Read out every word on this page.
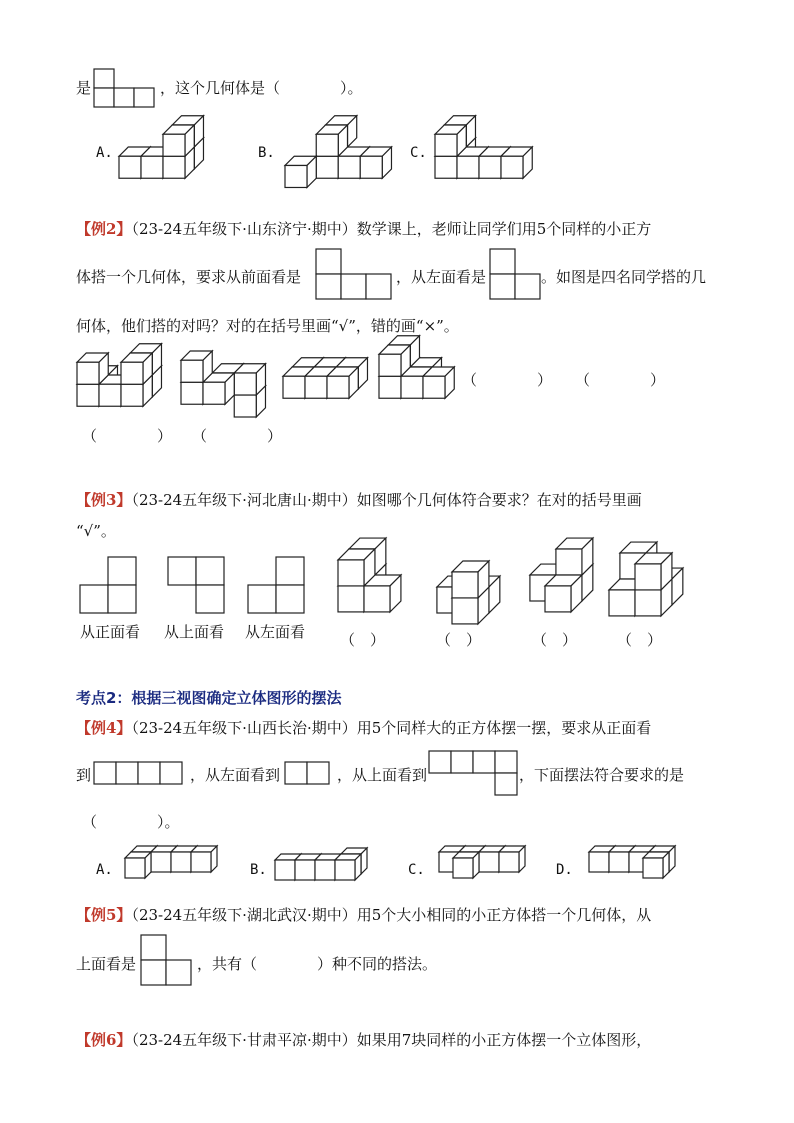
是	，这个几何体是（　　　　）。
A.	B.	C.
【例2】（23-24五年级下·山东济宁·期中）数学课上，老师让同学们用5个同样的小正方
体搭一个几何体，要求从前面看是	，从左面看是	。如图是四名同学搭的几
何体，他们搭的对吗？对的在括号里画“√”，错的画“×”。
（　　　　） （　　　　）
（　　　　） （　　　　）
【例3】（23-24五年级下·河北唐山·期中）如图哪个几何体符合要求？在对的括号里画
“√”。
从正面看 从上面看 从左面看 （　）	（　）	（　）	（　）
考点2：根据三视图确定立体图形的摆法
【例4】（23-24五年级下·山西长治·期中）用5个同样大的正方体摆一摆，要求从正面看
到	，从左面看到	，从上面看到	，下面摆法符合要求的是
（　　　　）。
A.	B.	C.	D.
【例5】（23-24五年级下·湖北武汉·期中）用5个大小相同的小正方体搭一个几何体，从
上面看是	，共有（　　　　）种不同的搭法。
【例6】（23-24五年级下·甘肃平凉·期中）如果用7块同样的小正方体摆一个立体图形，
